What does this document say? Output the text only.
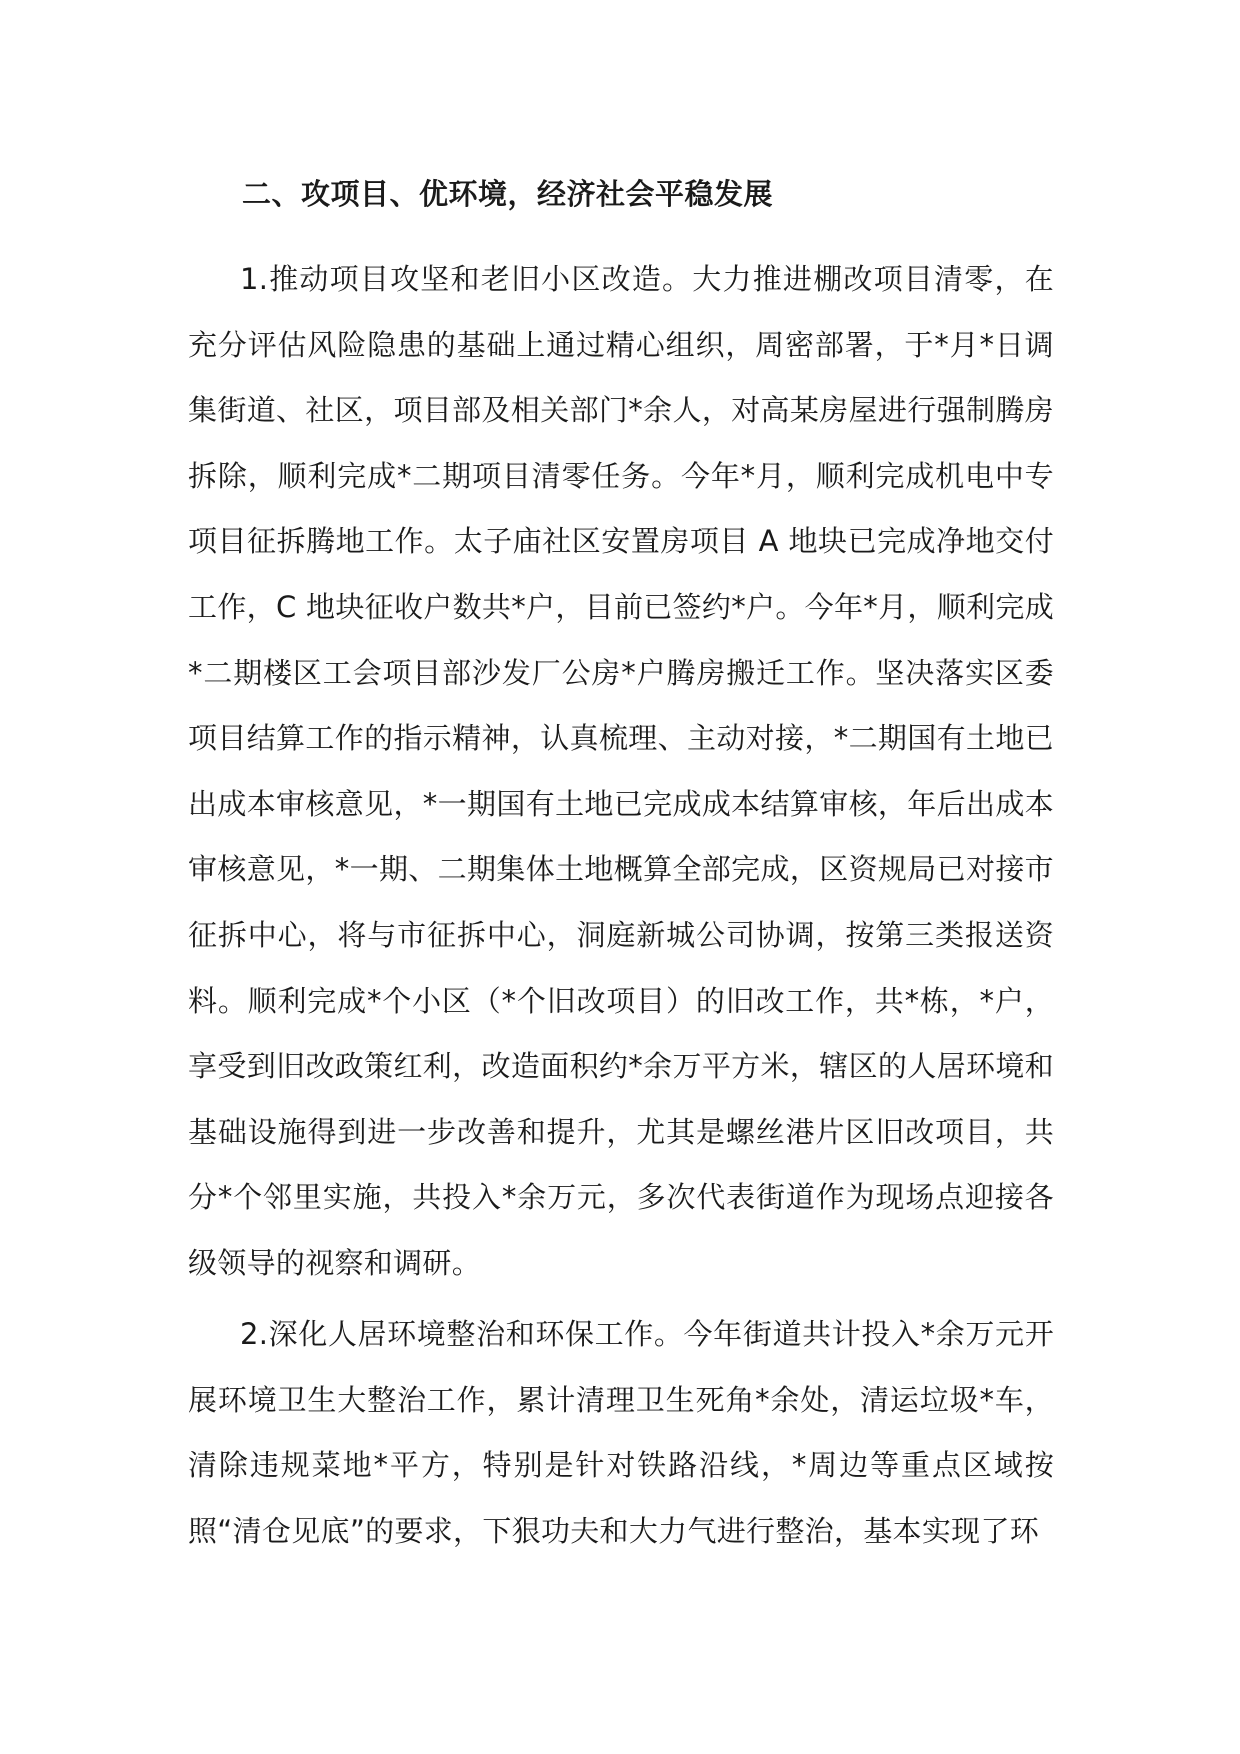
二、攻项目、优环境，经济社会平稳发展

1.推动项目攻坚和老旧小区改造。大力推进棚改项目清零，在充分评估风险隐患的基础上通过精心组织，周密部署，于*月*日调集街道、社区，项目部及相关部门*余人，对高某房屋进行强制腾房拆除，顺利完成*二期项目清零任务。今年*月，顺利完成机电中专项目征拆腾地工作。太子庙社区安置房项目 A 地块已完成净地交付工作，C 地块征收户数共*户，目前已签约*户。今年*月，顺利完成*二期楼区工会项目部沙发厂公房*户腾房搬迁工作。坚决落实区委项目结算工作的指示精神，认真梳理、主动对接，*二期国有土地已出成本审核意见，*一期国有土地已完成成本结算审核，年后出成本审核意见，*一期、二期集体土地概算全部完成，区资规局已对接市征拆中心，将与市征拆中心，洞庭新城公司协调，按第三类报送资料。顺利完成*个小区（*个旧改项目）的旧改工作，共*栋，*户，享受到旧改政策红利，改造面积约*余万平方米，辖区的人居环境和基础设施得到进一步改善和提升，尤其是螺丝港片区旧改项目，共分*个邻里实施，共投入*余万元，多次代表街道作为现场点迎接各级领导的视察和调研。

2.深化人居环境整治和环保工作。今年街道共计投入*余万元开展环境卫生大整治工作，累计清理卫生死角*余处，清运垃圾*车，清除违规菜地*平方，特别是针对铁路沿线，*周边等重点区域按照“清仓见底”的要求，下狠功夫和大力气进行整治，基本实现了环
